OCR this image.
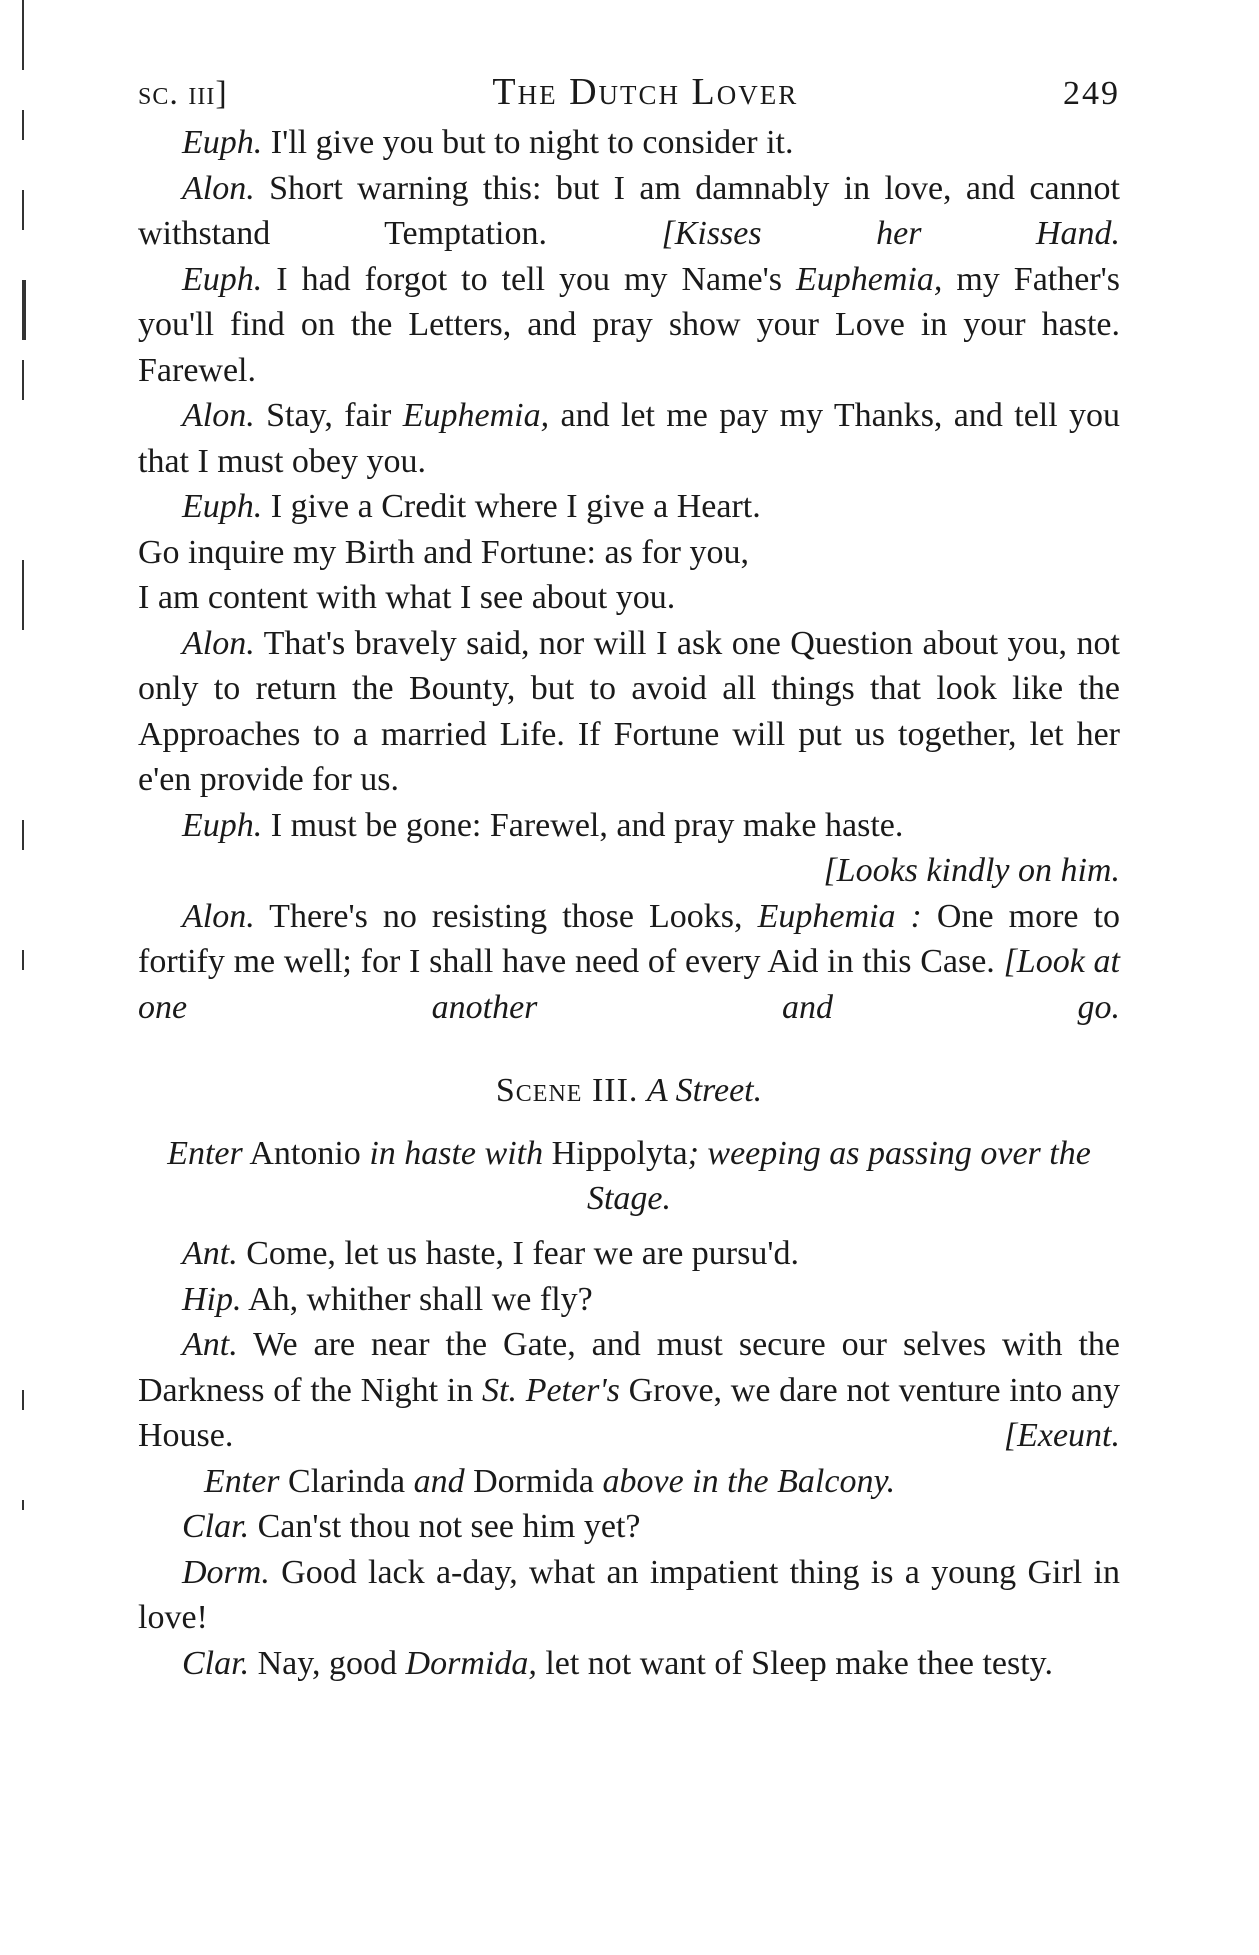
sc. iii]	The Dutch Lover	249

Euph. I'll give you but to night to consider it.

Alon. Short warning this: but I am damnably in love, and cannot withstand Temptation.	[Kisses her Hand.

Euph. I had forgot to tell you my Name's Euphemia, my Father's you'll find on the Letters, and pray show your Love in your haste. Farewel.

Alon. Stay, fair Euphemia, and let me pay my Thanks, and tell you that I must obey you.

Euph. I give a Credit where I give a Heart.

Go inquire my Birth and Fortune: as for you,

I am content with what I see about you.

Alon. That's bravely said, nor will I ask one Question about you, not only to return the Bounty, but to avoid all things that look like the Approaches to a married Life. If Fortune will put us together, let her e'en provide for us.

Euph. I must be gone: Farewel, and pray make haste.

[Looks kindly on him.

Alon. There's no resisting those Looks, Euphemia : One more to fortify me well; for I shall have need of every Aid in this Case. [Look at one another and go.

Scene III. A Street.
Enter Antonio in haste with Hippolyta; weeping as passing over the Stage.

Ant. Come, let us haste, I fear we are pursu'd.

Hip. Ah, whither shall we fly?

Ant. We are near the Gate, and must secure our selves with the Darkness of the Night in St. Peter's Grove, we dare not venture into any House.	[Exeunt.

Enter Clarinda and Dormida above in the Balcony.

Clar. Can'st thou not see him yet?

Dorm. Good lack a-day, what an impatient thing is a young Girl in love!

Clar. Nay, good Dormida, let not want of Sleep make thee testy.
